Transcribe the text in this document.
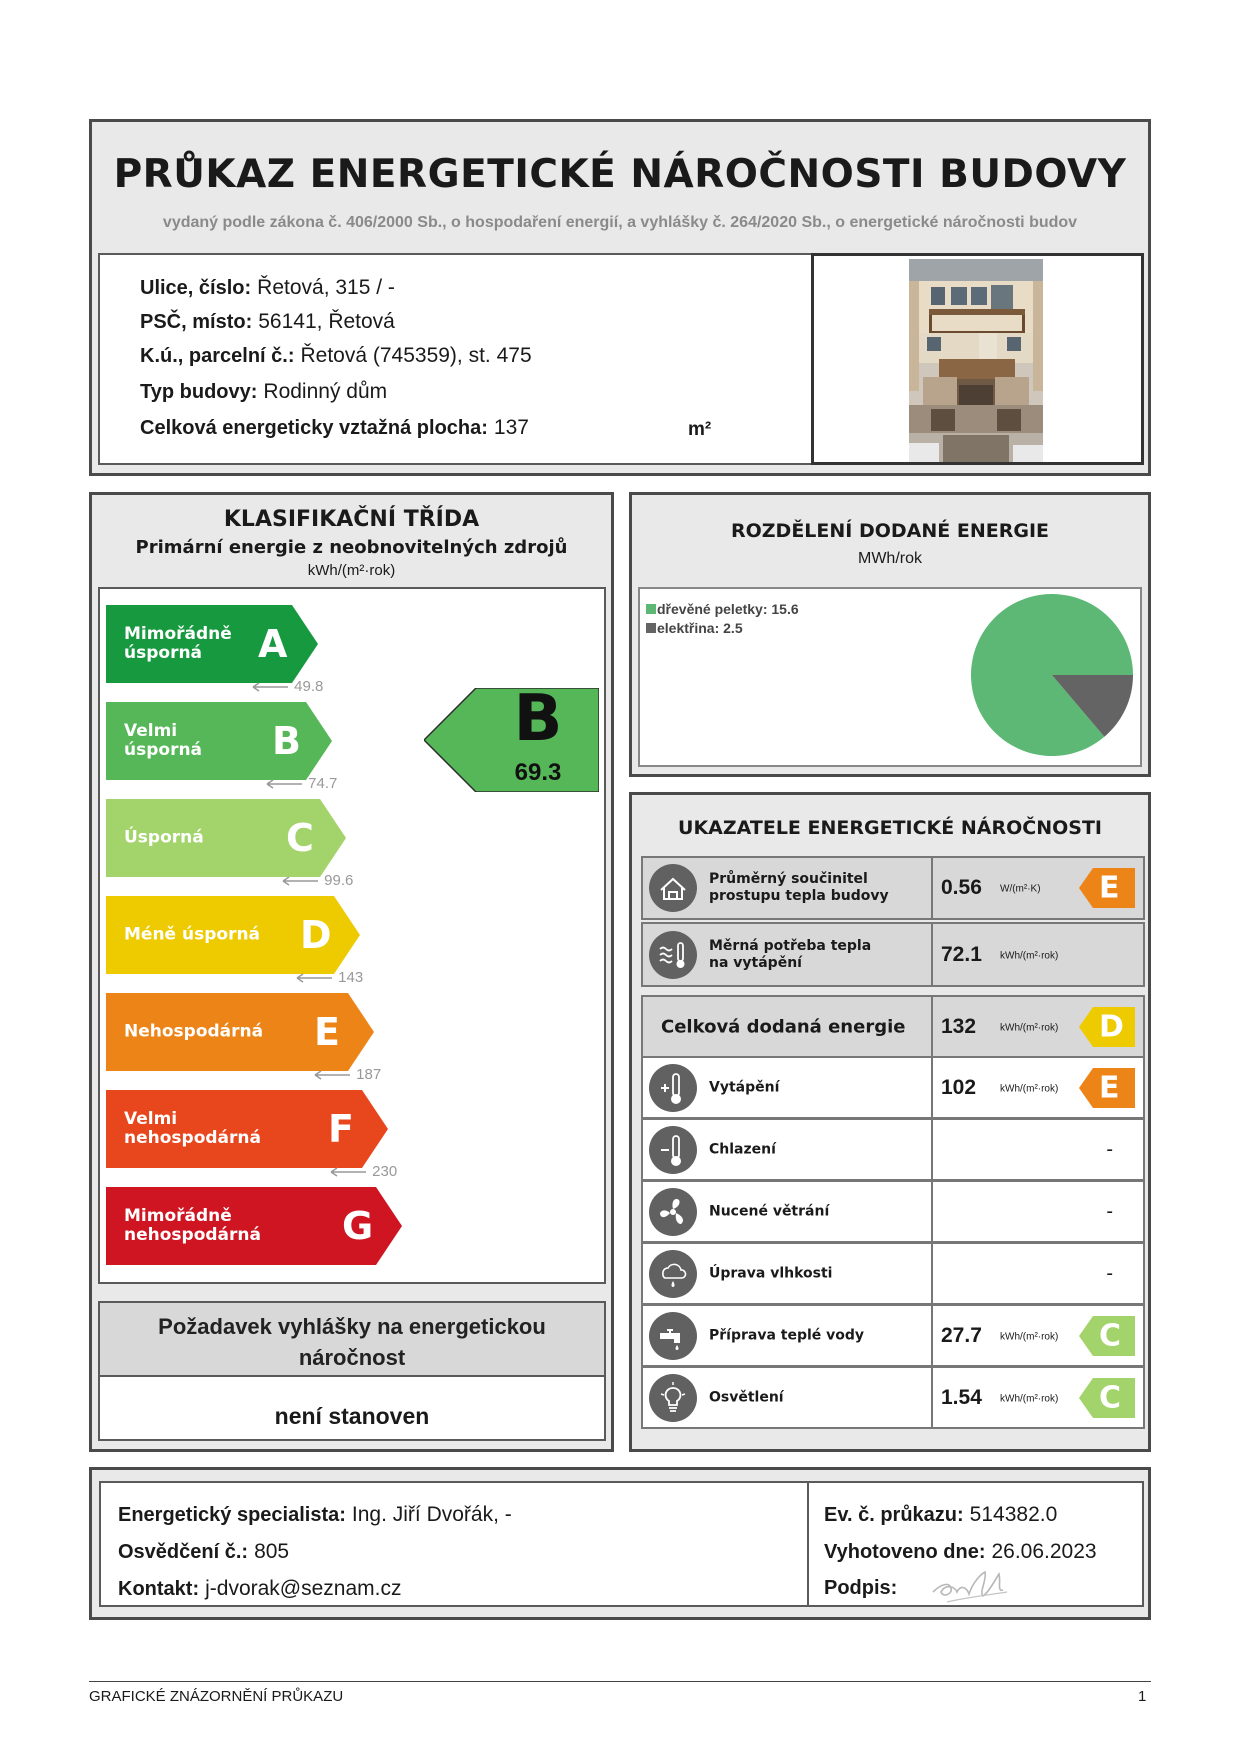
PRŮKAZ ENERGETICKÉ NÁROČNOSTI BUDOVY
vydaný podle zákona č. 406/2000 Sb., o hospodaření energií, a vyhlášky č. 264/2020 Sb., o energetické náročnosti budov
Ulice, číslo: Řetová, 315 / -
PSČ, místo: 56141, Řetová
K.ú., parcelní č.: Řetová (745359), st. 475
Typ budovy: Rodinný dům
Celková energeticky vztažná plocha: 137	m²
KLASIFIKAČNÍ TŘÍDA
Primární energie z neobnovitelných zdrojů
kWh/(m²·rok)
Požadavek vyhlášky na energetickou náročnost
není stanoven
Mimořádně
úsporná	A
Velmi
úsporná B
Úsporná C
Méně úsporná D
Nehospodárná E
Velmi
nehospodárná F
Mimořádně
nehospodárná G
49.8
74.7
99.6
143
187
230
B
69.3
ROZDĚLENÍ DODANÉ ENERGIE
MWh/rok
dřevěné peletky: 15.6
elektřina: 2.5
UKAZATELE ENERGETICKÉ NÁROČNOSTI
Průměrný součinitel
prostupu tepla budovy 0.56 W/(m²·K) E
Měrná potřeba tepla
na vytápění	72.1 kWh/(m²·rok)
Celková dodaná energie 132 kWh/(m²·rok) D
Vytápění	102 kWh/(m²·rok) E
Chlazení	-
Nucené větrání	-
Úprava vlhkosti	-
Příprava teplé vody	27.7 kWh/(m²·rok) C
Osvětlení	1.54 kWh/(m²·rok) C
Energetický specialista: Ing. Jiří Dvořák, -
Osvědčení č.: 805
Kontakt: j-dvorak@seznam.cz
Ev. č. průkazu: 514382.0
Vyhotoveno dne: 26.06.2023
Podpis:
GRAFICKÉ ZNÁZORNĚNÍ PRŮKAZU	1
